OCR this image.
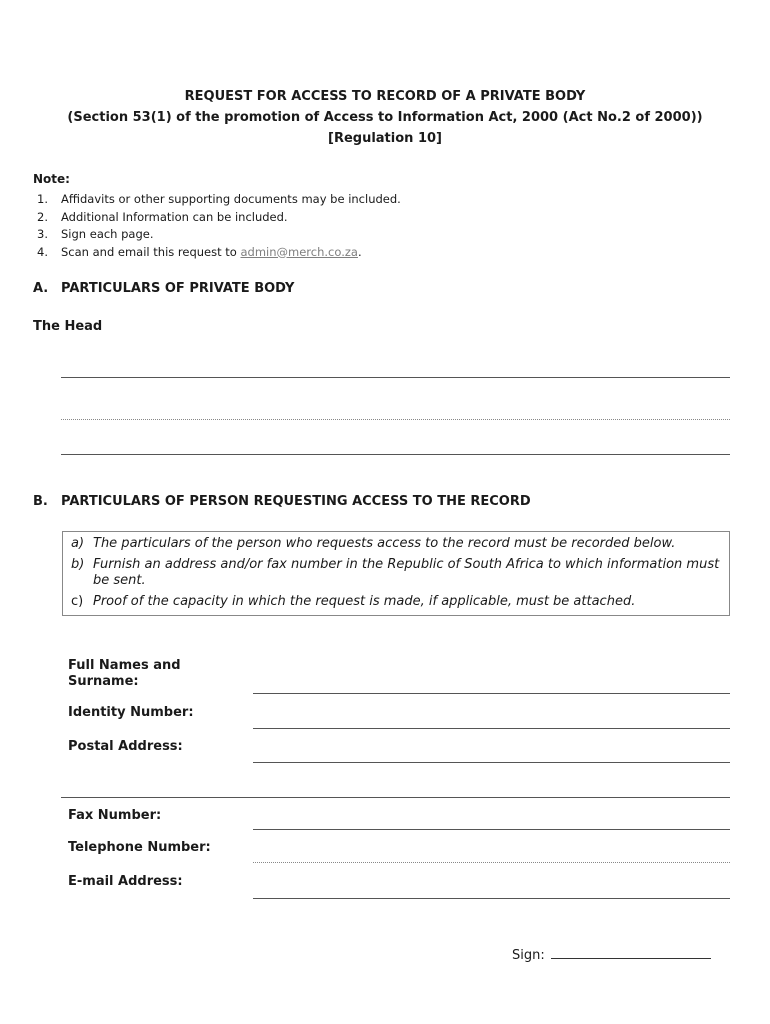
REQUEST FOR ACCESS TO RECORD OF A PRIVATE BODY
(Section 53(1) of the promotion of Access to Information Act, 2000 (Act No.2 of 2000))
[Regulation 10]
Note:
1.	Affidavits or other supporting documents may be included.
2.	Additional Information can be included.
3.	Sign each page.
4.	Scan and email this request to admin@merch.co.za.
A. PARTICULARS OF PRIVATE BODY
The Head
B. PARTICULARS OF PERSON REQUESTING ACCESS TO THE RECORD
a) The particulars of the person who requests access to the record must be recorded below.
b) Furnish an address and/or fax number in the Republic of South Africa to which information must be sent.
c) Proof of the capacity in which the request is made, if applicable, must be attached.
Full Names and Surname:
Identity Number:
Postal Address:
Fax Number:
Telephone Number:
E-mail Address:
Sign:
